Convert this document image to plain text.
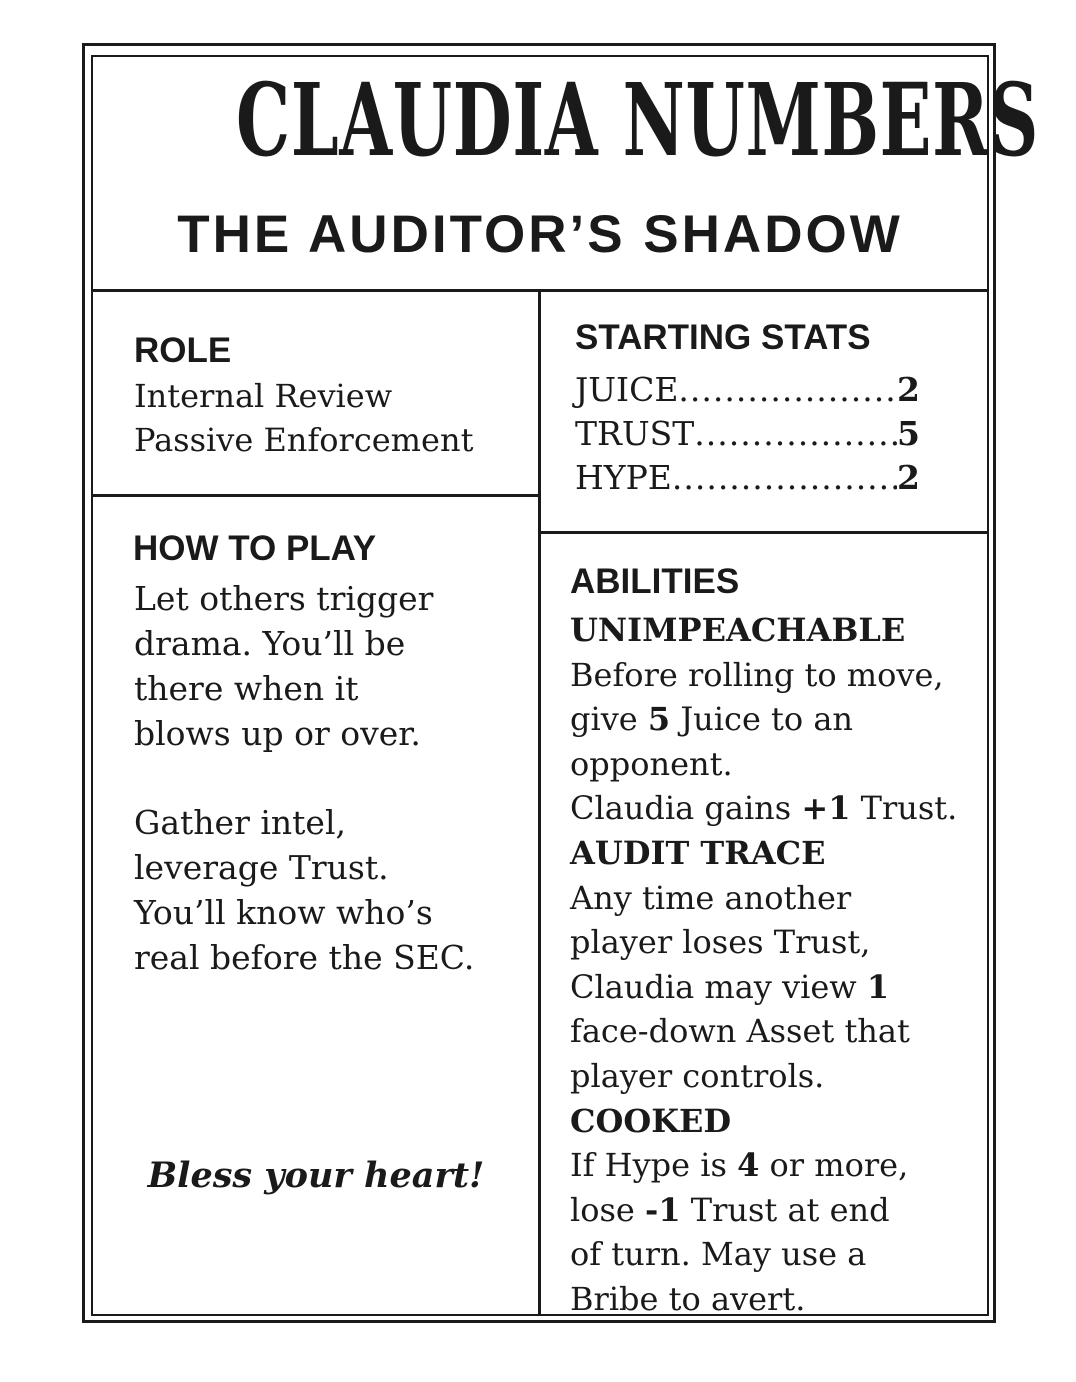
CLAUDIA NUMBERS
THE AUDITOR’S SHADOW
ROLE
Internal Review
Passive Enforcement
STARTING STATS
JUICE .....	2
TRUST .....	5
HYPE .....	2
HOW TO PLAY
Let others trigger
drama. You’ll be
there when it
blows up or over.
Gather intel,
leverage Trust.
You’ll know who’s
real before the SEC.
Bless your heart!
ABILITIES
UNIMPEACHABLE
Before rolling to move,
give 5 Juice to an
opponent.
Claudia gains +1 Trust.
AUDIT TRACE
Any time another
player loses Trust,
Claudia may view 1
face-down Asset that
player controls.
COOKED
If Hype is 4 or more,
lose -1 Trust at end
of turn. May use a
Bribe to avert.
